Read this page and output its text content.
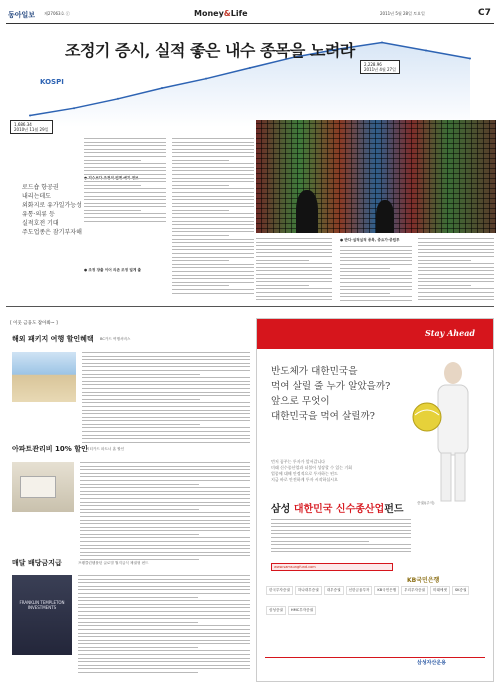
동아일보 제27063호 ⓒ	Money&Life	2011년 5월 28일 토요일	C7
조정기 증시, 실적 좋은 내수 종목을 노려라
KOSPI
2,228.96
2011년 4월 27일
1,686.34
2010년 11월 29일
로드숍 항공권
내리는데도
외화지로 유가일가능성
유통·의류 등
실적호전 기대
주도업종은 잠기부자해
● 조정 장출 이어 의존 조정 빌게 출
● 반다·실적실적 종목, 중요가·중립투
[ 이웃 금융도 잡아봐~ ]
해외 패키지 여행 할인혜택 BC카드 여행서비스
아파트관리비 10% 할인
씨티카드 파트너 홈 할인
매달 배당금지급	프랭클린템플턴 글로벌 월지급식 채권형 펀드
FRANKLIN TEMPLETON INVESTMENTS
Stay Ahead
반도체가 대한민국을
먹여 살릴 줄 누가 알았을까?
앞으로 무엇이
대한민국을 먹여 살릴까?
먼저 꿈꾸는 투자가 앞서갑니다
미래 신수종산업과 더불어 성장할 수 있는 기회
업종에 대해 안정적으로 투자하는 펀드
지금 바로 안전하게 투자 시작하십시오
삼성 대한민국 신수종산업펀드
증권/(주식)
www.samsungfund.com
한국투자증권 하나대투증권 대우증권 신한금융투자 KB국민은행 우리투자증권 미래에셋 SK증권삼성증권 HMC투자증권
KB국민은행
삼성자산운용
